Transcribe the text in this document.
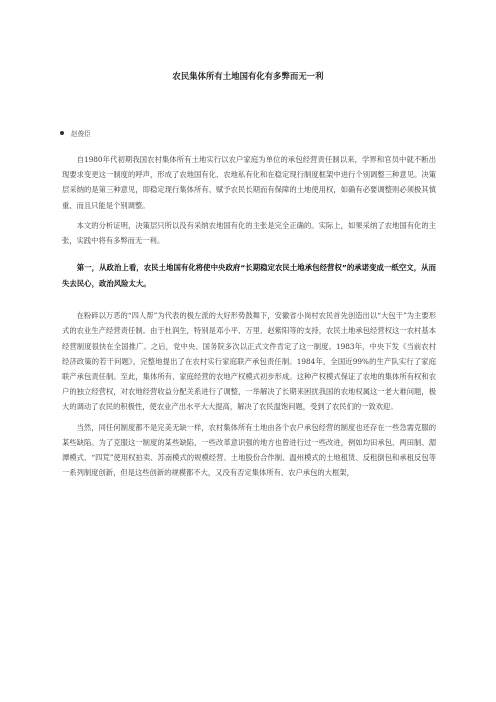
农民集体所有土地国有化有多弊而无一利
赵俊臣

自1980年代初期我国农村集体所有土地实行以农户家庭为单位的承包经营责任制以来，学界和官员中就不断出现要求变更这一制度的呼声，形成了农地国有化、农地私有化和在稳定现行制度框架中进行个别调整三种意见。决策层采纳的是第三种意见，即稳定现行集体所有、赋予农民长期而有保障的土地使用权，如确有必要调整则必须极其慎重、而且只能是个别调整。

本文的分析证明，决策层只所以没有采纳农地国有化的主张是完全正确的。实际上，如果采纳了农地国有化的主张，实践中将有多弊而无一利。

第一，从政治上看，农民土地国有化将使中央政府“长期稳定农民土地承包经营权”的承诺变成一纸空文，从而失去民心，政治风险太大。

在粉碎以万恶的“四人帮”为代表的极左派的大好形势鼓舞下，安徽省小岗村农民首先创造出以“大包干”为主要形式的农业生产经营责任制。由于杜润生，特别是邓小平、万里、赵紫阳等的支持，农民土地承包经营权这一农村基本经营制度很快在全国推广。之后，党中央、国务院多次以正式文件肯定了这一制度。1983年，中央下发《当前农村经济政策的若干问题》，完整地提出了在农村实行家庭联产承包责任制。1984年，全国近99%的生产队实行了家庭联产承包责任制。至此，集体所有、家庭经营的农地产权模式初步形成。这种产权模式保证了农地的集体所有权和农户的独立经营权，对农地经营收益分配关系进行了调整，一举解决了长期来困扰我国的农地权属这一老大难问题，极大的调动了农民的积极性，使农业产出水平大大提高，解决了农民温饱问题，受到了农民们的一致欢迎。

当然，同任何制度都不是完美无缺一样，农村集体所有土地由各个农户承包经营的制度也还存在一些急需克服的某些缺陷。为了克服这一制度的某些缺陷，一些改革意识强的地方也曾进行过一些改进，例如均田承包、两田制、湄潭模式、“四荒”使用权拍卖、苏南模式的规模经营、土地股份合作制、温州模式的土地租赁、反租倒包和承租反包等一系列制度创新，但是这些创新的规模都不大，又没有否定集体所有、农户承包的大框架，
